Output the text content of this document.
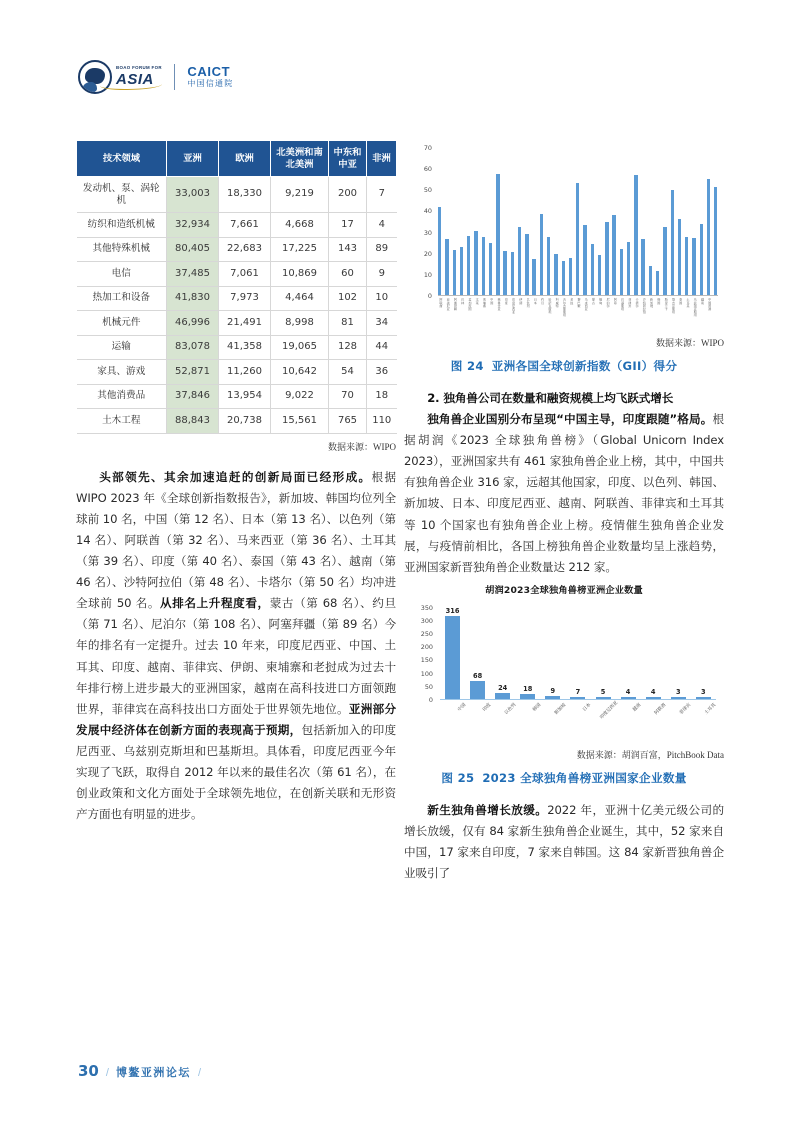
BOAO FORUM FOR
ASIA	CAICT
中国信通院
技术领域	亚洲	欧洲	北美洲和南北美洲	中东和中亚	非洲
发动机、泵、涡轮机	33,003	18,330	9,219	200	7
纺织和造纸机械	32,934	7,661	4,668	17	4
其他特殊机械	80,405	22,683	17,225	143	89
电信	37,485	7,061	10,869	60	9
热加工和设备	41,830	7,973	4,464	102	10
机械元件	46,996	21,491	8,998	81	34
运输	83,078	41,358	19,065	128	44
家具、游戏	52,871	11,260	10,642	54	36
其他消费品	37,846	13,954	9,022	70	18
土木工程	88,843	20,738	15,561	765	110
数据来源：WIPO

头部领先、其余加速追赶的创新局面已经形成。根据 WIPO 2023 年《全球创新指数报告》，新加坡、韩国均位列全球前 10 名，中国（第 12 名）、日本（第 13 名）、以色列（第 14 名）、阿联酋（第 32 名）、马来西亚（第 36 名）、土耳其（第 39 名）、印度（第 40 名）、泰国（第 43 名）、越南（第 46 名）、沙特阿拉伯（第 48 名）、卡塔尔（第 50 名）均冲进全球前 50 名。从排名上升程度看，蒙古（第 68 名）、约旦（第 71 名）、尼泊尔（第 108 名）、阿塞拜疆（第 89 名）今年的排名有一定提升。过去 10 年来，印度尼西亚、中国、土耳其、印度、越南、菲律宾、伊朗、柬埔寨和老挝成为过去十年排行榜上进步最大的亚洲国家，越南在高科技进口方面领跑世界，菲律宾在高科技出口方面处于世界领先地位。亚洲部分发展中经济体在创新方面的表现高于预期，包括新加入的印度尼西亚、乌兹别克斯坦和巴基斯坦。具体看，印度尼西亚今年实现了飞跃，取得自 2012 年以来的最佳名次（第 61 名），在创业政策和文化方面处于全球领先地位，在创新关联和无形资产方面也有明显的进步。

0
10
20
30
40
50
60
70
阿联酋 亚美尼亚 阿塞拜疆 巴林 孟加拉国 文莱 柬埔寨 中国 格鲁吉亚 印度 印度尼西亚 伊朗 以色列 日本 约旦 哈萨克斯坦 科威特 吉尔吉斯斯坦 老挝 黎巴嫩 马来西亚 蒙古 缅甸 尼泊尔 阿曼 巴基斯坦 菲律宾 卡塔尔 沙特阿拉伯 新加坡 韩国 斯里兰卡 塔吉克斯坦 泰国 土耳其 乌兹别克斯坦 越南 中国香港
数据来源：WIPO
图 24 亚洲各国全球创新指数（GII）得分

2. 独角兽公司在数量和融资规模上均飞跃式增长

独角兽企业国别分布呈现“中国主导，印度跟随”格局。根据胡润《2023 全球独角兽榜》（Global Unicorn Index 2023），亚洲国家共有 461 家独角兽企业上榜，其中，中国共有独角兽企业 316 家，远超其他国家，印度、以色列、韩国、新加坡、日本、印度尼西亚、越南、阿联酋、菲律宾和土耳其等 10 个国家也有独角兽企业上榜。疫情催生独角兽企业发展，与疫情前相比，各国上榜独角兽企业数量均呈上涨趋势，亚洲国家新晋独角兽企业数量达 212 家。

胡润2023全球独角兽榜亚洲企业数量
0
50
100
150
200
250
300
350 316
68
24 18	9	7	5	4	4	3	3
中国	印度	以色列	韩国	新加坡	日本	印度尼西亚	越南	阿联酋	菲律宾	土耳其
数据来源：胡润百富，PitchBook Data
图 25 2023 全球独角兽榜亚洲国家企业数量

新生独角兽增长放缓。2022 年，亚洲十亿美元级公司的增长放缓，仅有 84 家新生独角兽企业诞生，其中，52 家来自中国，17 家来自印度，7 家来自韩国。这 84 家新晋独角兽企业吸引了

30 / 博鳌亚洲论坛 /
